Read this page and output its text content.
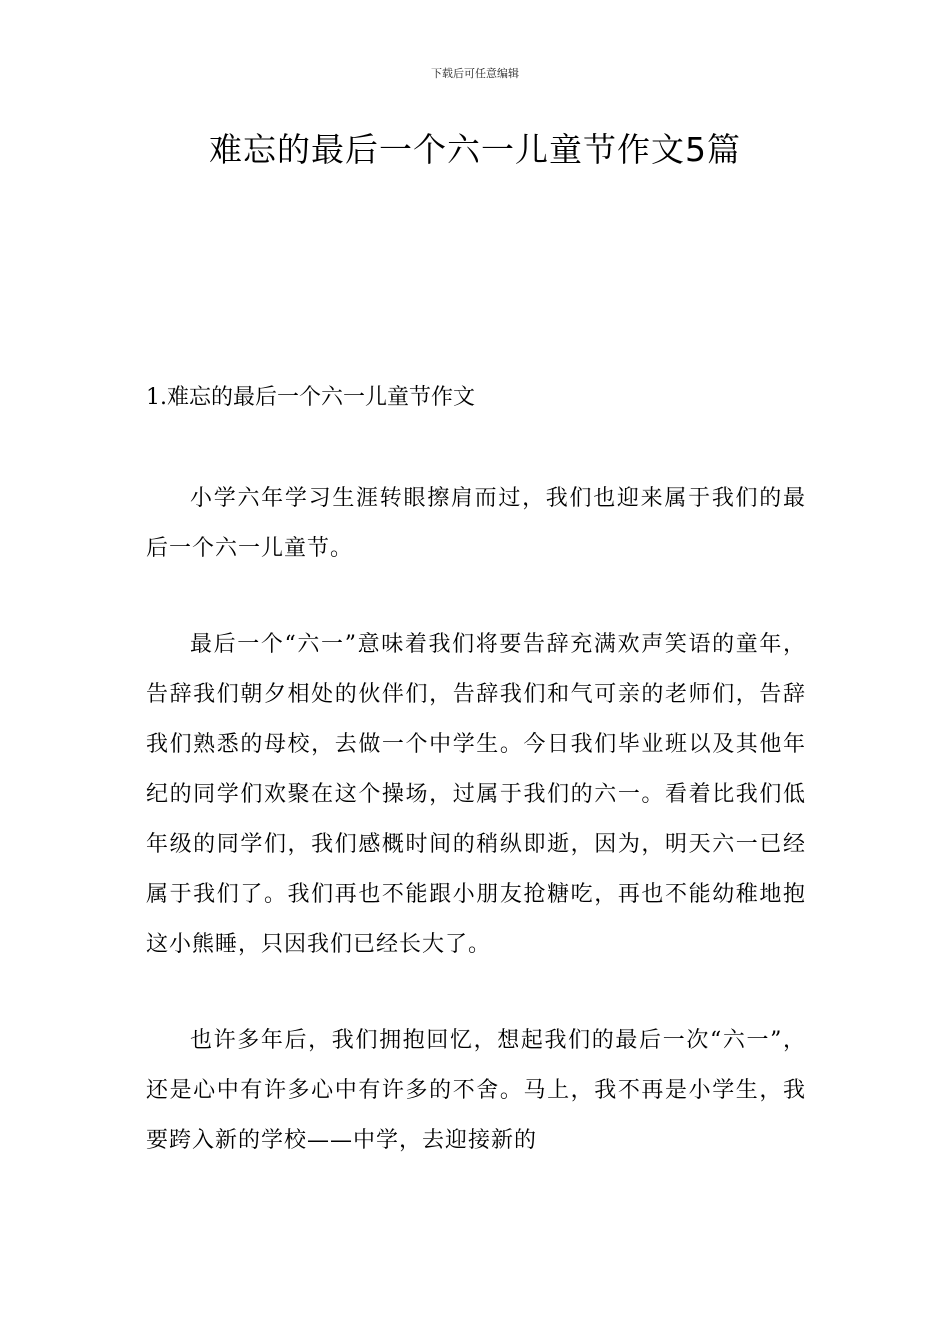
下载后可任意编辑
难忘的最后一个六一儿童节作文5篇
1.难忘的最后一个六一儿童节作文

小学六年学习生涯转眼擦肩而过，我们也迎来属于我们的最后一个六一儿童节。

最后一个“六一”意味着我们将要告辞充满欢声笑语的童年，告辞我们朝夕相处的伙伴们，告辞我们和气可亲的老师们，告辞我们熟悉的母校，去做一个中学生。今日我们毕业班以及其他年纪的同学们欢聚在这个操场，过属于我们的六一。看着比我们低年级的同学们，我们感概时间的稍纵即逝，因为，明天六一已经属于我们了。我们再也不能跟小朋友抢糖吃，再也不能幼稚地抱这小熊睡，只因我们已经长大了。

也许多年后，我们拥抱回忆，想起我们的最后一次“六一”，还是心中有许多心中有许多的不舍。马上，我不再是小学生，我要跨入新的学校——中学，去迎接新的
